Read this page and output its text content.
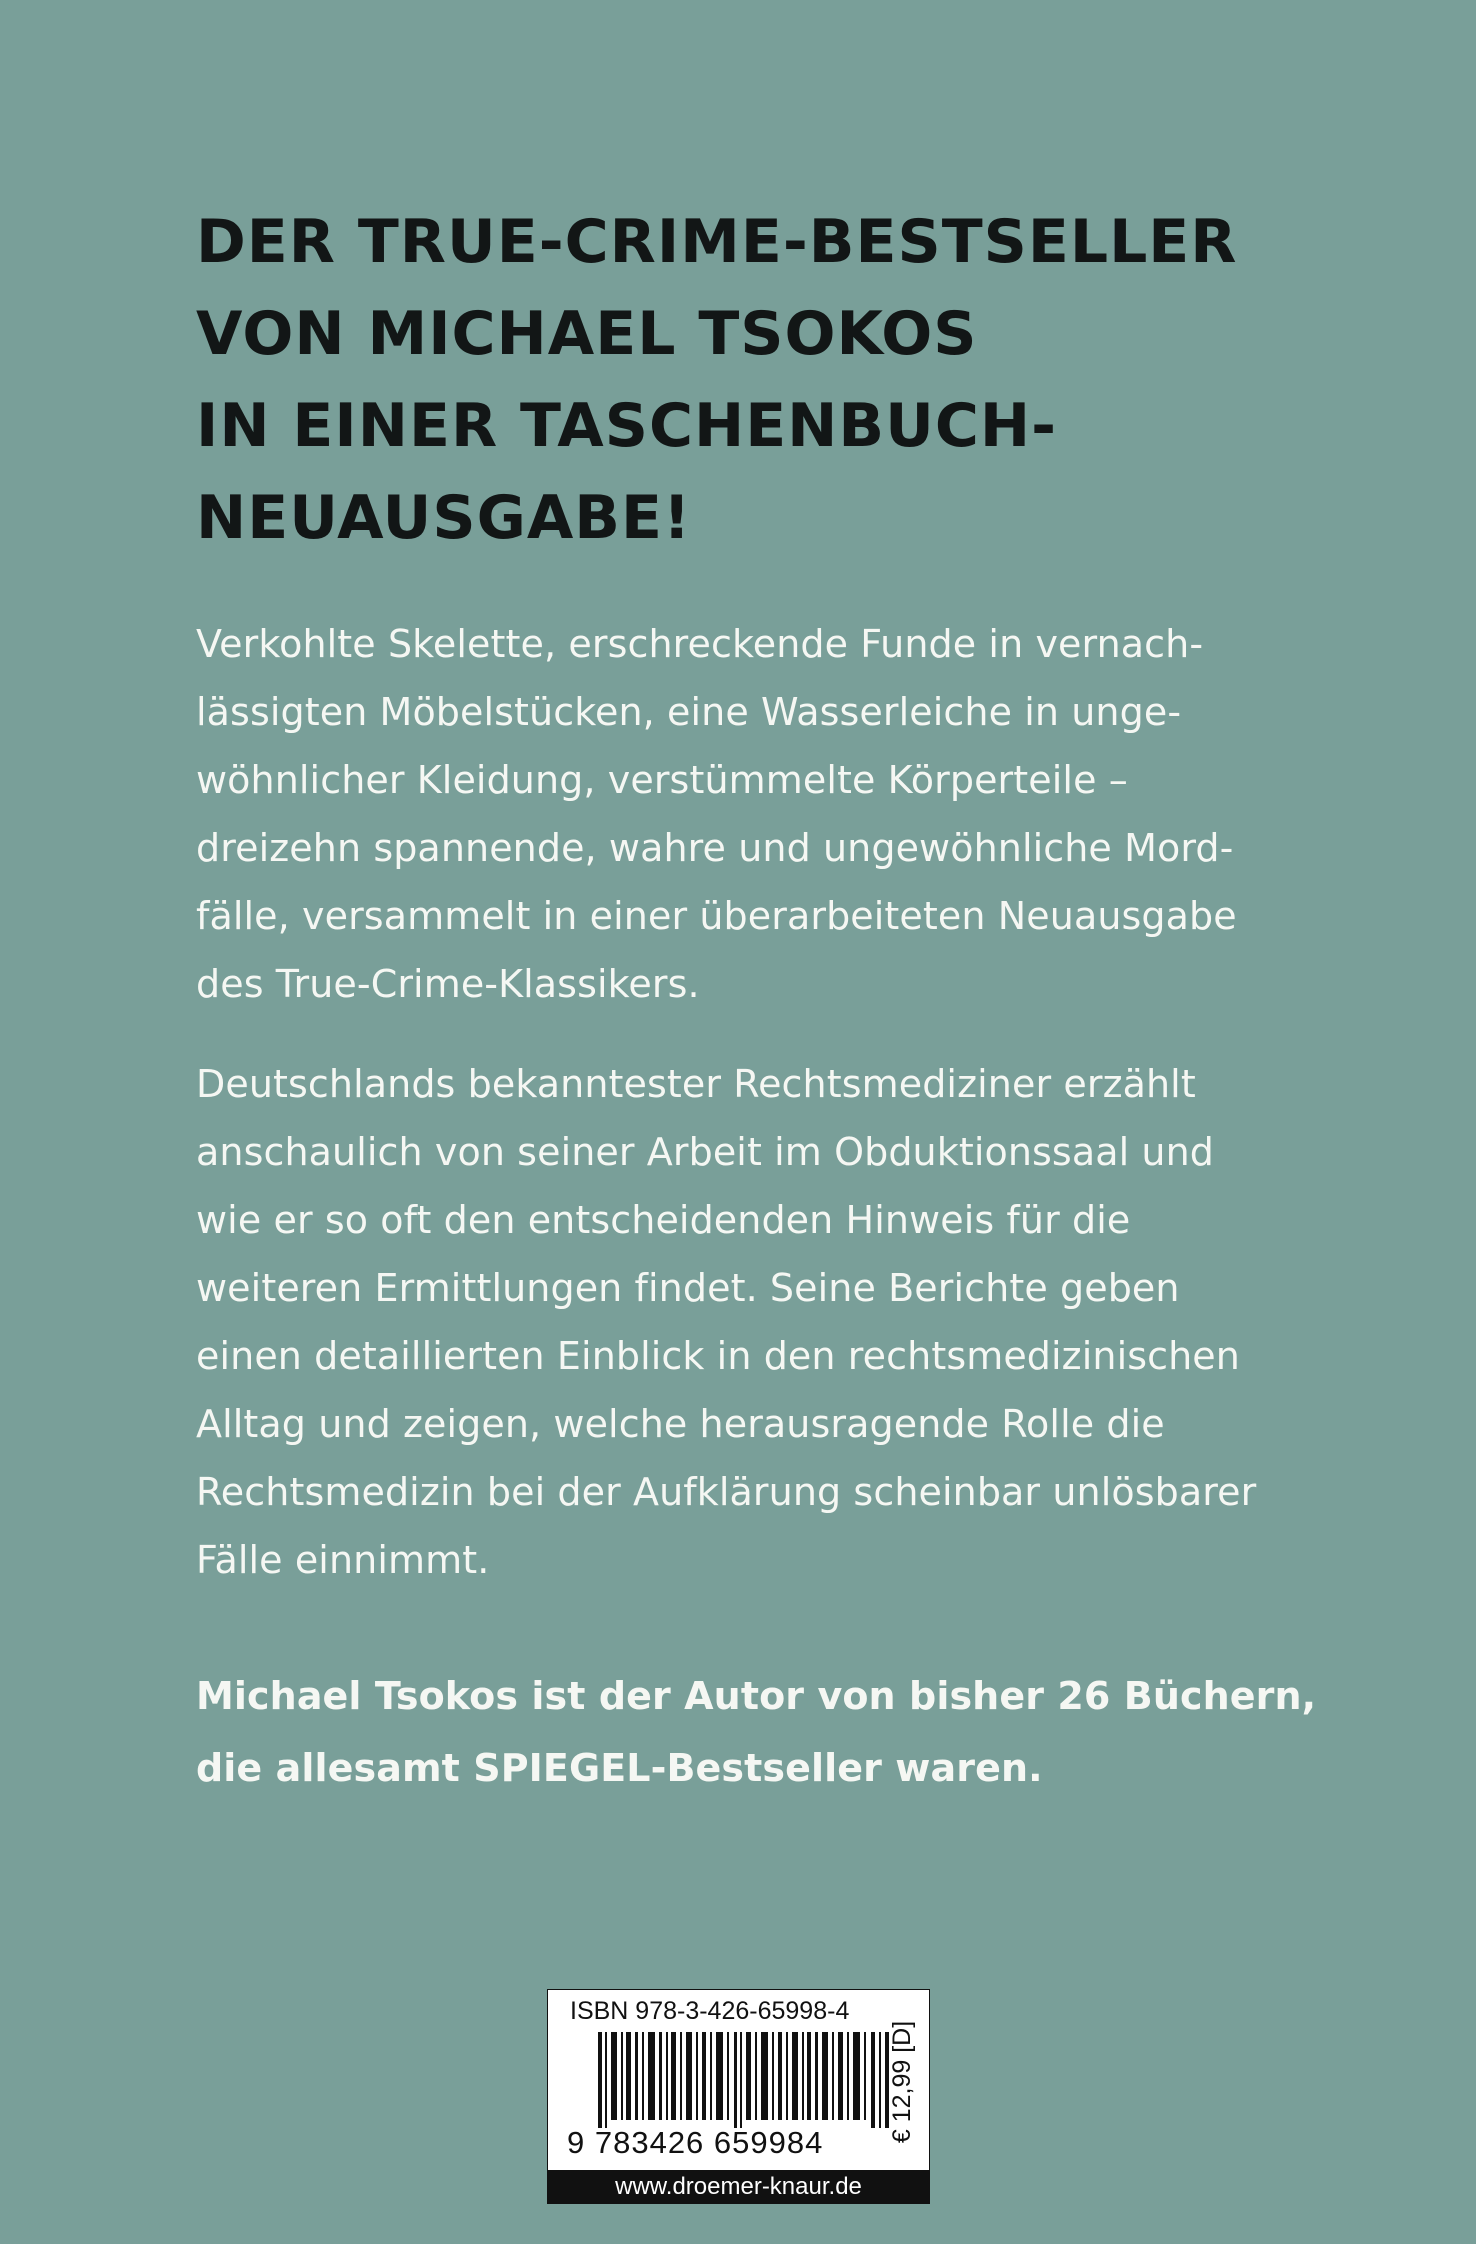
DER TRUE-CRIME-BESTSELLER
VON MICHAEL TSOKOS
IN EINER TASCHENBUCH-
NEUAUSGABE!
Verkohlte Skelette, erschreckende Funde in vernach-
lässigten Möbelstücken, eine Wasserleiche in unge-
wöhnlicher Kleidung, verstümmelte Körperteile –
dreizehn spannende, wahre und ungewöhnliche Mord-
fälle, versammelt in einer überarbeiteten Neuausgabe
des True-Crime-Klassikers.
Deutschlands bekanntester Rechtsmediziner erzählt
anschaulich von seiner Arbeit im Obduktionssaal und
wie er so oft den entscheidenden Hinweis für die
weiteren Ermittlungen findet. Seine Berichte geben
einen detaillierten Einblick in den rechtsmedizinischen
Alltag und zeigen, welche herausragende Rolle die
Rechtsmedizin bei der Aufklärung scheinbar unlösbarer
Fälle einnimmt.
Michael Tsokos ist der Autor von bisher 26 Büchern,
die allesamt SPIEGEL-Bestseller waren.
ISBN 978-3-426-65998-4
9 783426 659984	€ 12,99 [D]
www.droemer-knaur.de
